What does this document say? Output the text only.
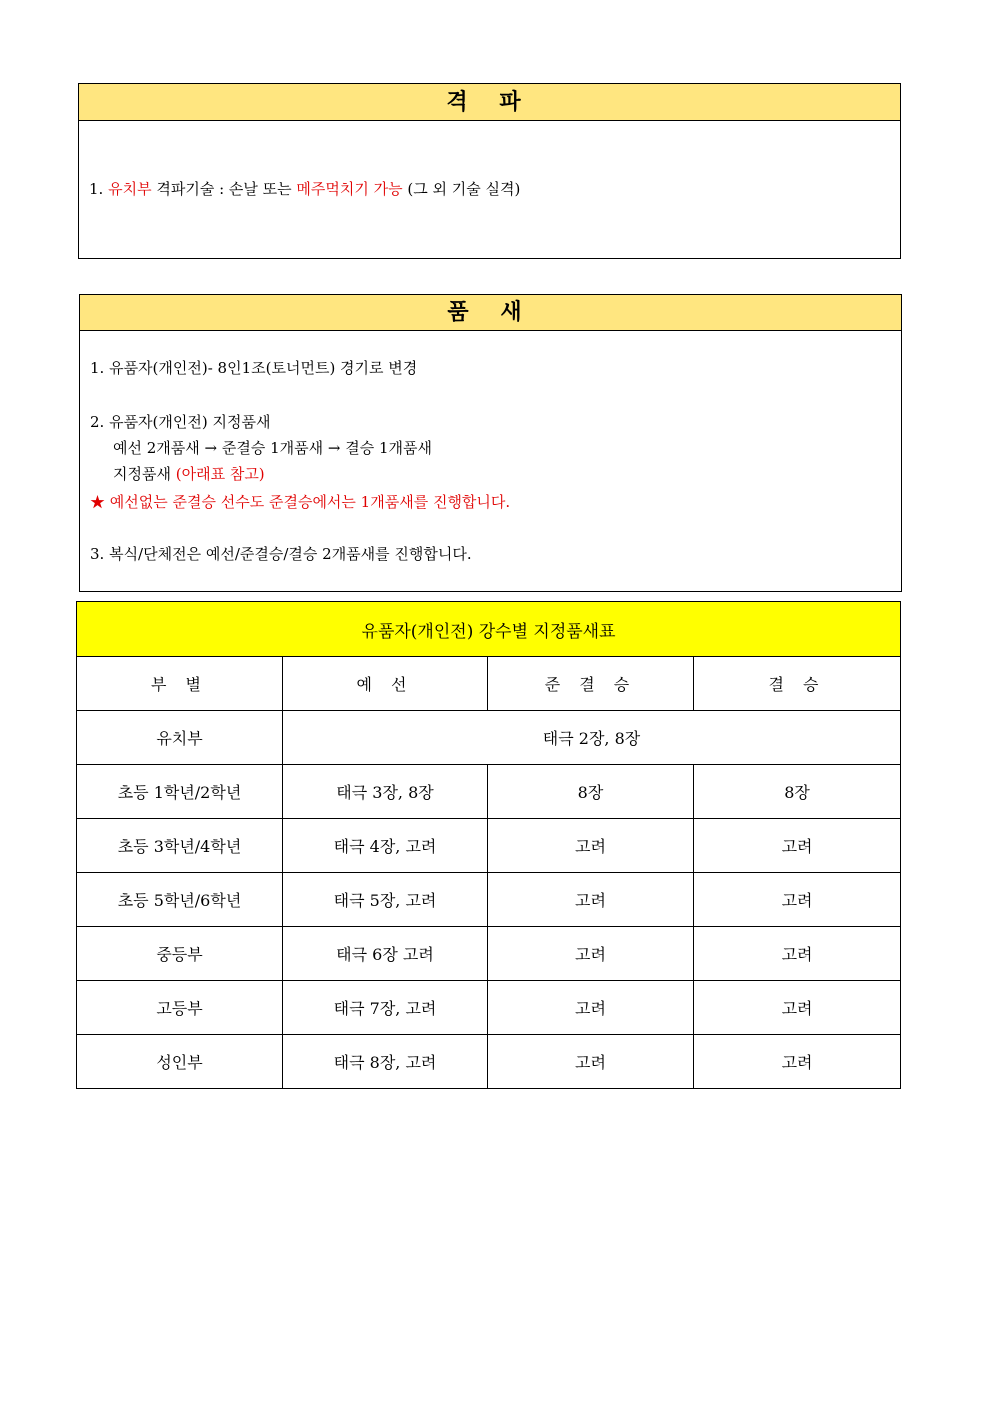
격 파
1. 유치부 격파기술 : 손날 또는 메주먹치기 가능 (그 외 기술 실격)
품 새
1. 유품자(개인전)- 8인1조(토너먼트) 경기로 변경
2. 유품자(개인전) 지정품새
예선 2개품새 → 준결승 1개품새 → 결승 1개품새
지정품새 (아래표 참고)
★ 예선없는 준결승 선수도 준결승에서는 1개품새를 진행합니다.
3. 복식/단체전은 예선/준결승/결승 2개품새를 진행합니다.
유품자(개인전) 강수별 지정품새표			
부 별	예 선	준 결 승	결 승
유치부	태극 2장, 8장		
초등 1학년/2학년	태극 3장, 8장	8장	8장
초등 3학년/4학년	태극 4장, 고려	고려	고려
초등 5학년/6학년	태극 5장, 고려	고려	고려
중등부	태극 6장 고려	고려	고려
고등부	태극 7장, 고려	고려	고려
성인부	태극 8장, 고려	고려	고려
